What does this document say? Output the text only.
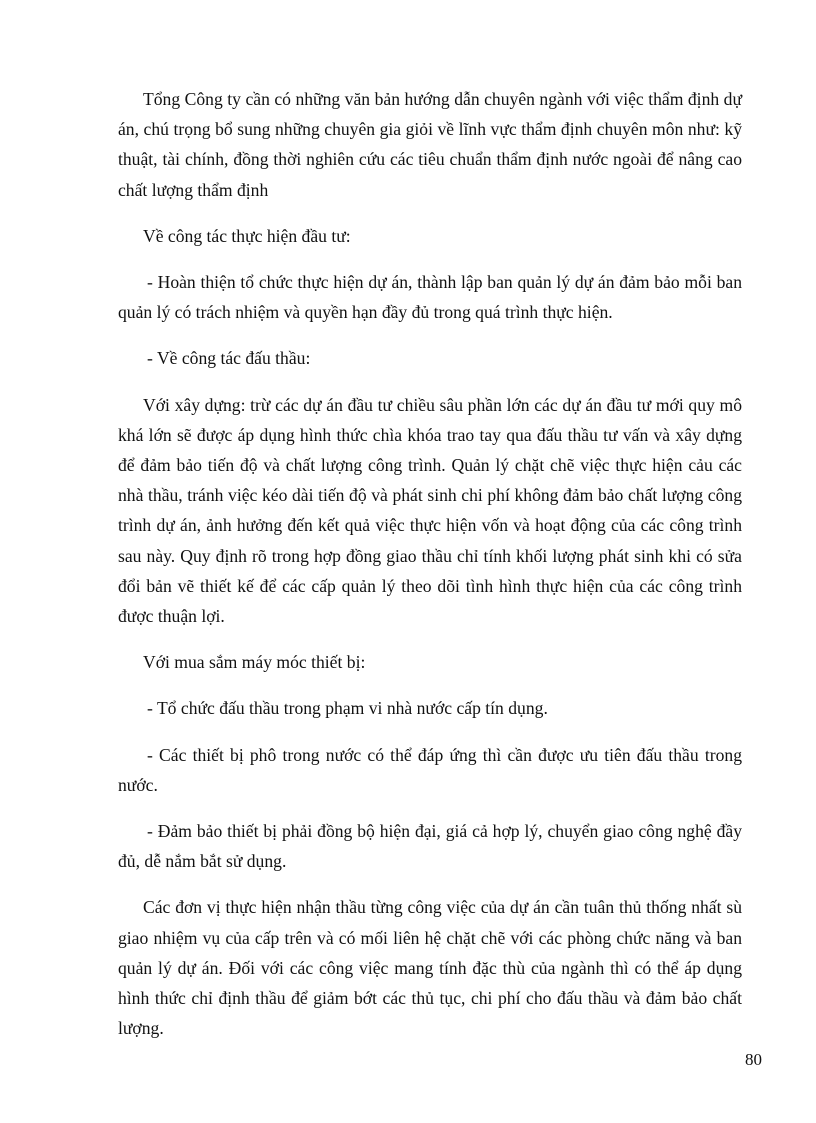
Tổng Công ty cần có những văn bản hướng dẫn chuyên ngành với việc thẩm định dự án, chú trọng bổ sung những chuyên gia giỏi về lĩnh vực thẩm định chuyên môn như: kỹ thuật, tài chính, đồng thời nghiên cứu các tiêu chuẩn thẩm định nước ngoài để nâng cao chất lượng thẩm định

Về công tác thực hiện đầu tư:

- Hoàn thiện tổ chức thực hiện dự án, thành lập ban quản lý dự án đảm bảo mỗi ban quản lý có trách nhiệm và quyền hạn đầy đủ trong quá trình thực hiện.

- Về công tác đấu thầu:

Với xây dựng: trừ các dự án đầu tư chiều sâu phần lớn các dự án đầu tư mới quy mô khá lớn sẽ được áp dụng hình thức chìa khóa trao tay qua đấu thầu tư vấn và xây dựng để đảm bảo tiến độ và chất lượng công trình. Quản lý chặt chẽ việc thực hiện cảu các nhà thầu, tránh việc kéo dài tiến độ và phát sinh chi phí không đảm bảo chất lượng công trình dự án, ảnh hưởng đến kết quả việc thực hiện vốn và hoạt động của các công trình sau này. Quy định rõ trong hợp đồng giao thầu chỉ tính khối lượng phát sinh khi có sửa đổi bản vẽ thiết kế để các cấp quản lý theo dõi tình hình thực hiện của các công trình được thuận lợi.

Với mua sắm máy móc thiết bị:

- Tổ chức đấu thầu trong phạm vi nhà nước cấp tín dụng.

- Các thiết bị phô trong nước có thể đáp ứng thì cần được ưu tiên đấu thầu trong nước.

- Đảm bảo thiết bị phải đồng bộ hiện đại, giá cả hợp lý, chuyển giao công nghệ đầy đủ, dễ nắm bắt sử dụng.

Các đơn vị thực hiện nhận thầu từng công việc của dự án cần tuân thủ thống nhất sù giao nhiệm vụ của cấp trên và có mối liên hệ chặt chẽ với các phòng chức năng và ban quản lý dự án. Đối với các công việc mang tính đặc thù của ngành thì có thể áp dụng hình thức chỉ định thầu để giảm bớt các thủ tục, chi phí cho đấu thầu và đảm bảo chất lượng.

80
